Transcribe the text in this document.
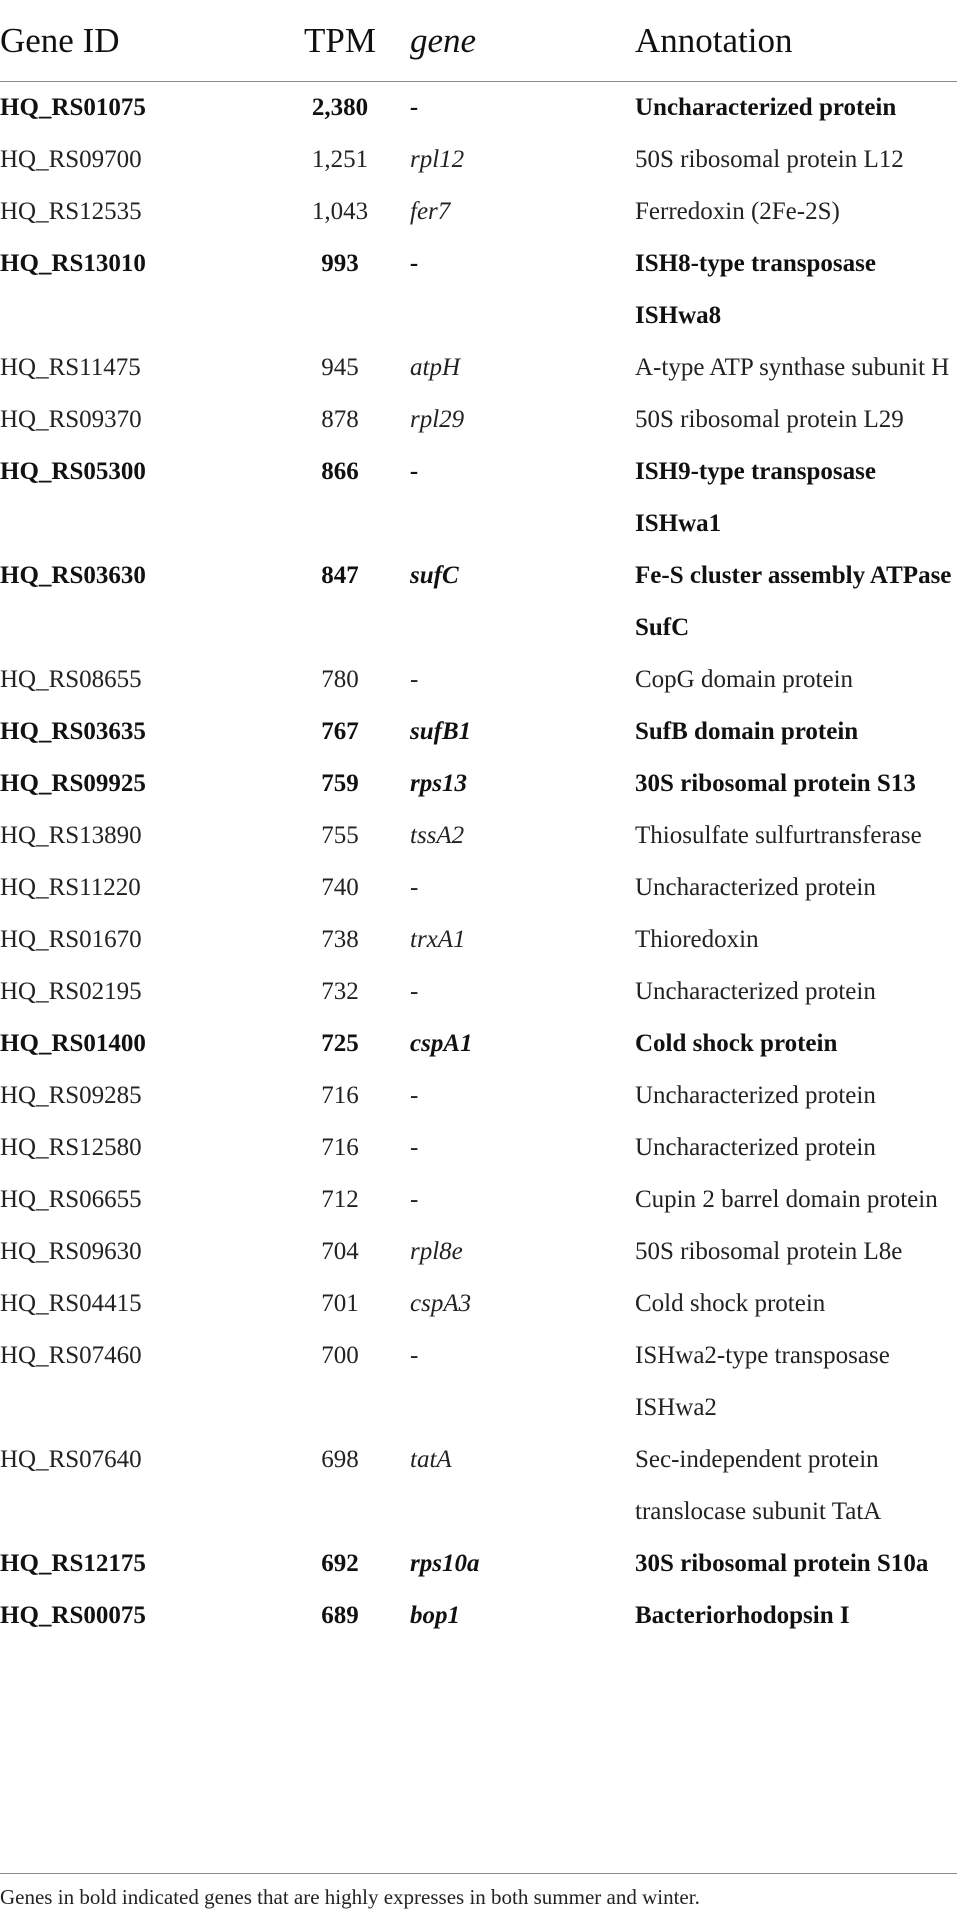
Gene ID	TPM	gene	Annotation
HQ_RS01075	2,380	-	Uncharacterized protein
HQ_RS09700	1,251	rpl12	50S ribosomal protein L12
HQ_RS12535	1,043	fer7	Ferredoxin (2Fe-2S)
HQ_RS13010	993	-	ISH8-type transposase ISHwa8
HQ_RS11475	945	atpH	A-type ATP synthase subunit H
HQ_RS09370	878	rpl29	50S ribosomal protein L29
HQ_RS05300	866	-	ISH9-type transposase ISHwa1
HQ_RS03630	847	sufC	Fe-S cluster assembly ATPase SufC
HQ_RS08655	780	-	CopG domain protein
HQ_RS03635	767	sufB1	SufB domain protein
HQ_RS09925	759	rps13	30S ribosomal protein S13
HQ_RS13890	755	tssA2	Thiosulfate sulfurtransferase
HQ_RS11220	740	-	Uncharacterized protein
HQ_RS01670	738	trxA1	Thioredoxin
HQ_RS02195	732	-	Uncharacterized protein
HQ_RS01400	725	cspA1	Cold shock protein
HQ_RS09285	716	-	Uncharacterized protein
HQ_RS12580	716	-	Uncharacterized protein
HQ_RS06655	712	-	Cupin 2 barrel domain protein
HQ_RS09630	704	rpl8e	50S ribosomal protein L8e
HQ_RS04415	701	cspA3	Cold shock protein
HQ_RS07460	700	-	ISHwa2-type transposase ISHwa2
HQ_RS07640	698	tatA	Sec-independent protein translocase subunit TatA
HQ_RS12175	692	rps10a	30S ribosomal protein S10a
HQ_RS00075	689	bop1	Bacteriorhodopsin I
Genes in bold indicated genes that are highly expresses in both summer and winter.
